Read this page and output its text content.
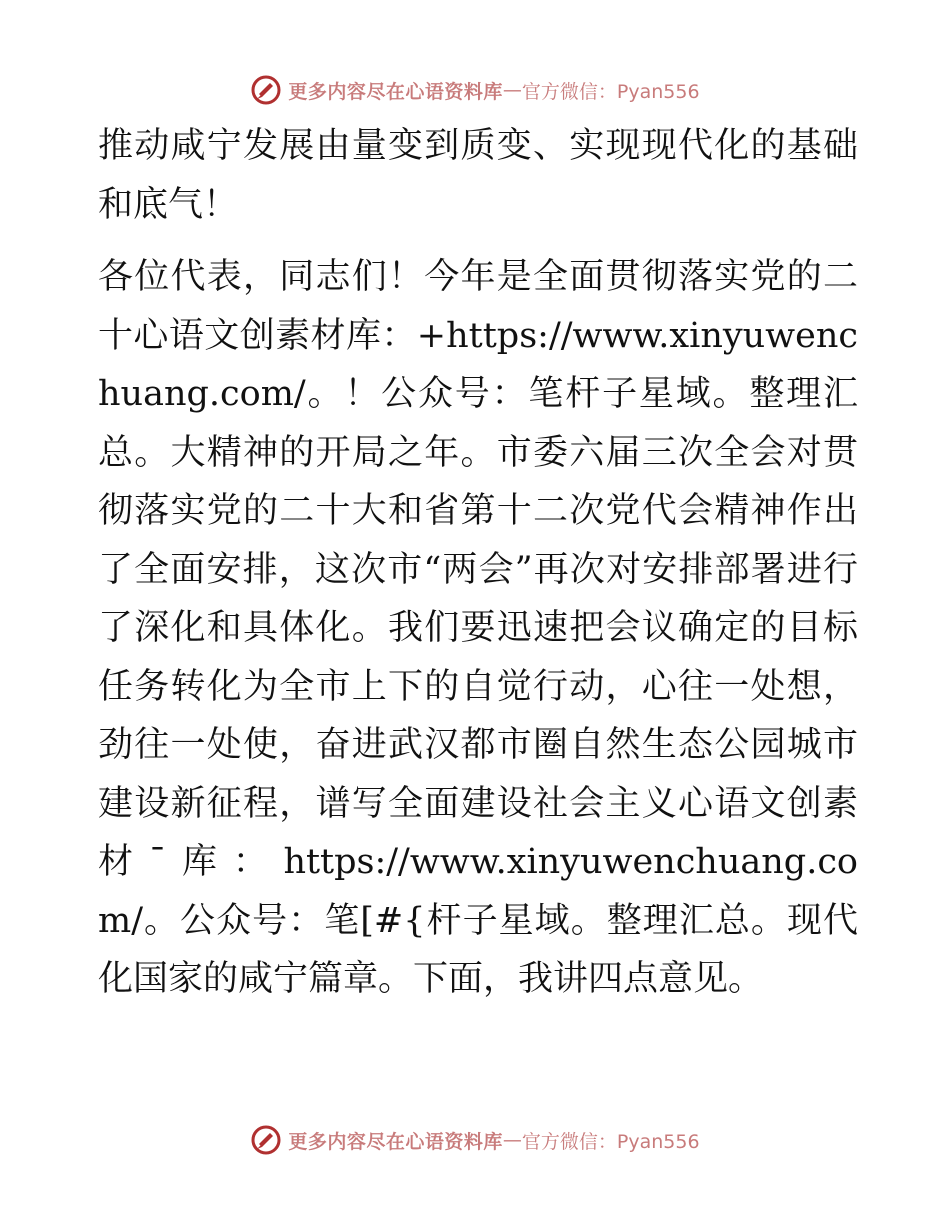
更多内容尽在心语资料库 — 官方微信：Pyan556

推动咸宁发展由量变到质变、实现现代化的基础和底气！

各位代表，同志们！今年是全面贯彻落实党的二十心语文创素材库：+https://www.xinyuwenchuang.com/。！公众号：笔杆子星域。整理汇总。大精神的开局之年。市委六届三次全会对贯彻落实党的二十大和省第十二次党代会精神作出了全面安排，这次市“两会”再次对安排部署进行了深化和具体化。我们要迅速把会议确定的目标任务转化为全市上下的自觉行动，心往一处想，劲往一处使，奋进武汉都市圈自然生态公园城市建设新征程，谱写全面建设社会主义心语文创素材¯库：https://www.xinyuwenchuang.com/。公众号：笔[#{杆子星域。整理汇总。现代化国家的咸宁篇章。下面，我讲四点意见。

更多内容尽在心语资料库 — 官方微信：Pyan556
